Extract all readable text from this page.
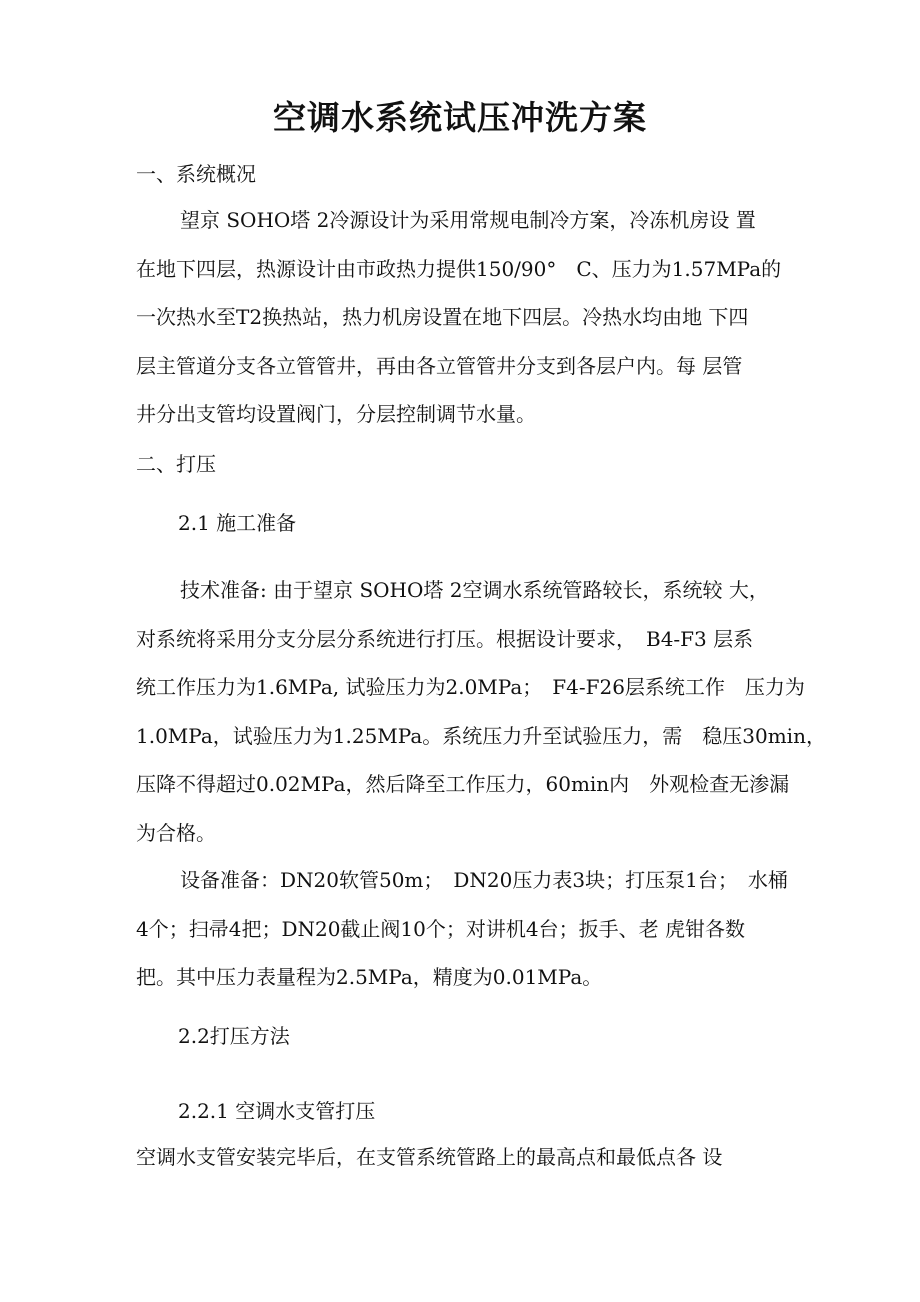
空调水系统试压冲洗方案

一、系统概况

望京 SOHO塔 2冷源设计为采用常规电制冷方案，冷冻机房设 置
在地下四层，热源设计由市政热力提供150/90°　C、压力为1.57MPa的
一次热水至T2换热站，热力机房设置在地下四层。冷热水均由地 下四
层主管道分支各立管管井，再由各立管管井分支到各层户内。每 层管
井分出支管均设置阀门，分层控制调节水量。

二、打压

2.1 施工准备

技术准备: 由于望京 SOHO塔 2空调水系统管路较长，系统较 大，
对系统将采用分支分层分系统进行打压。根据设计要求，　B4-F3 层系
统工作压力为1.6MPa, 试验压力为2.0MPa；　F4-F26层系统工作　压力为
1.0MPa，试验压力为1.25MPa。系统压力升至试验压力，需　稳压30min，
压降不得超过0.02MPa，然后降至工作压力，60min内　外观检查无渗漏
为合格。
设备准备：DN20软管50m；　DN20压力表3块；打压泵1台；　水桶
4个；扫帚4把；DN20截止阀10个；对讲机4台；扳手、老 虎钳各数
把。其中压力表量程为2.5MPa，精度为0.01MPa。

2.2打压方法

2.2.1 空调水支管打压

空调水支管安装完毕后，在支管系统管路上的最高点和最低点各 设
